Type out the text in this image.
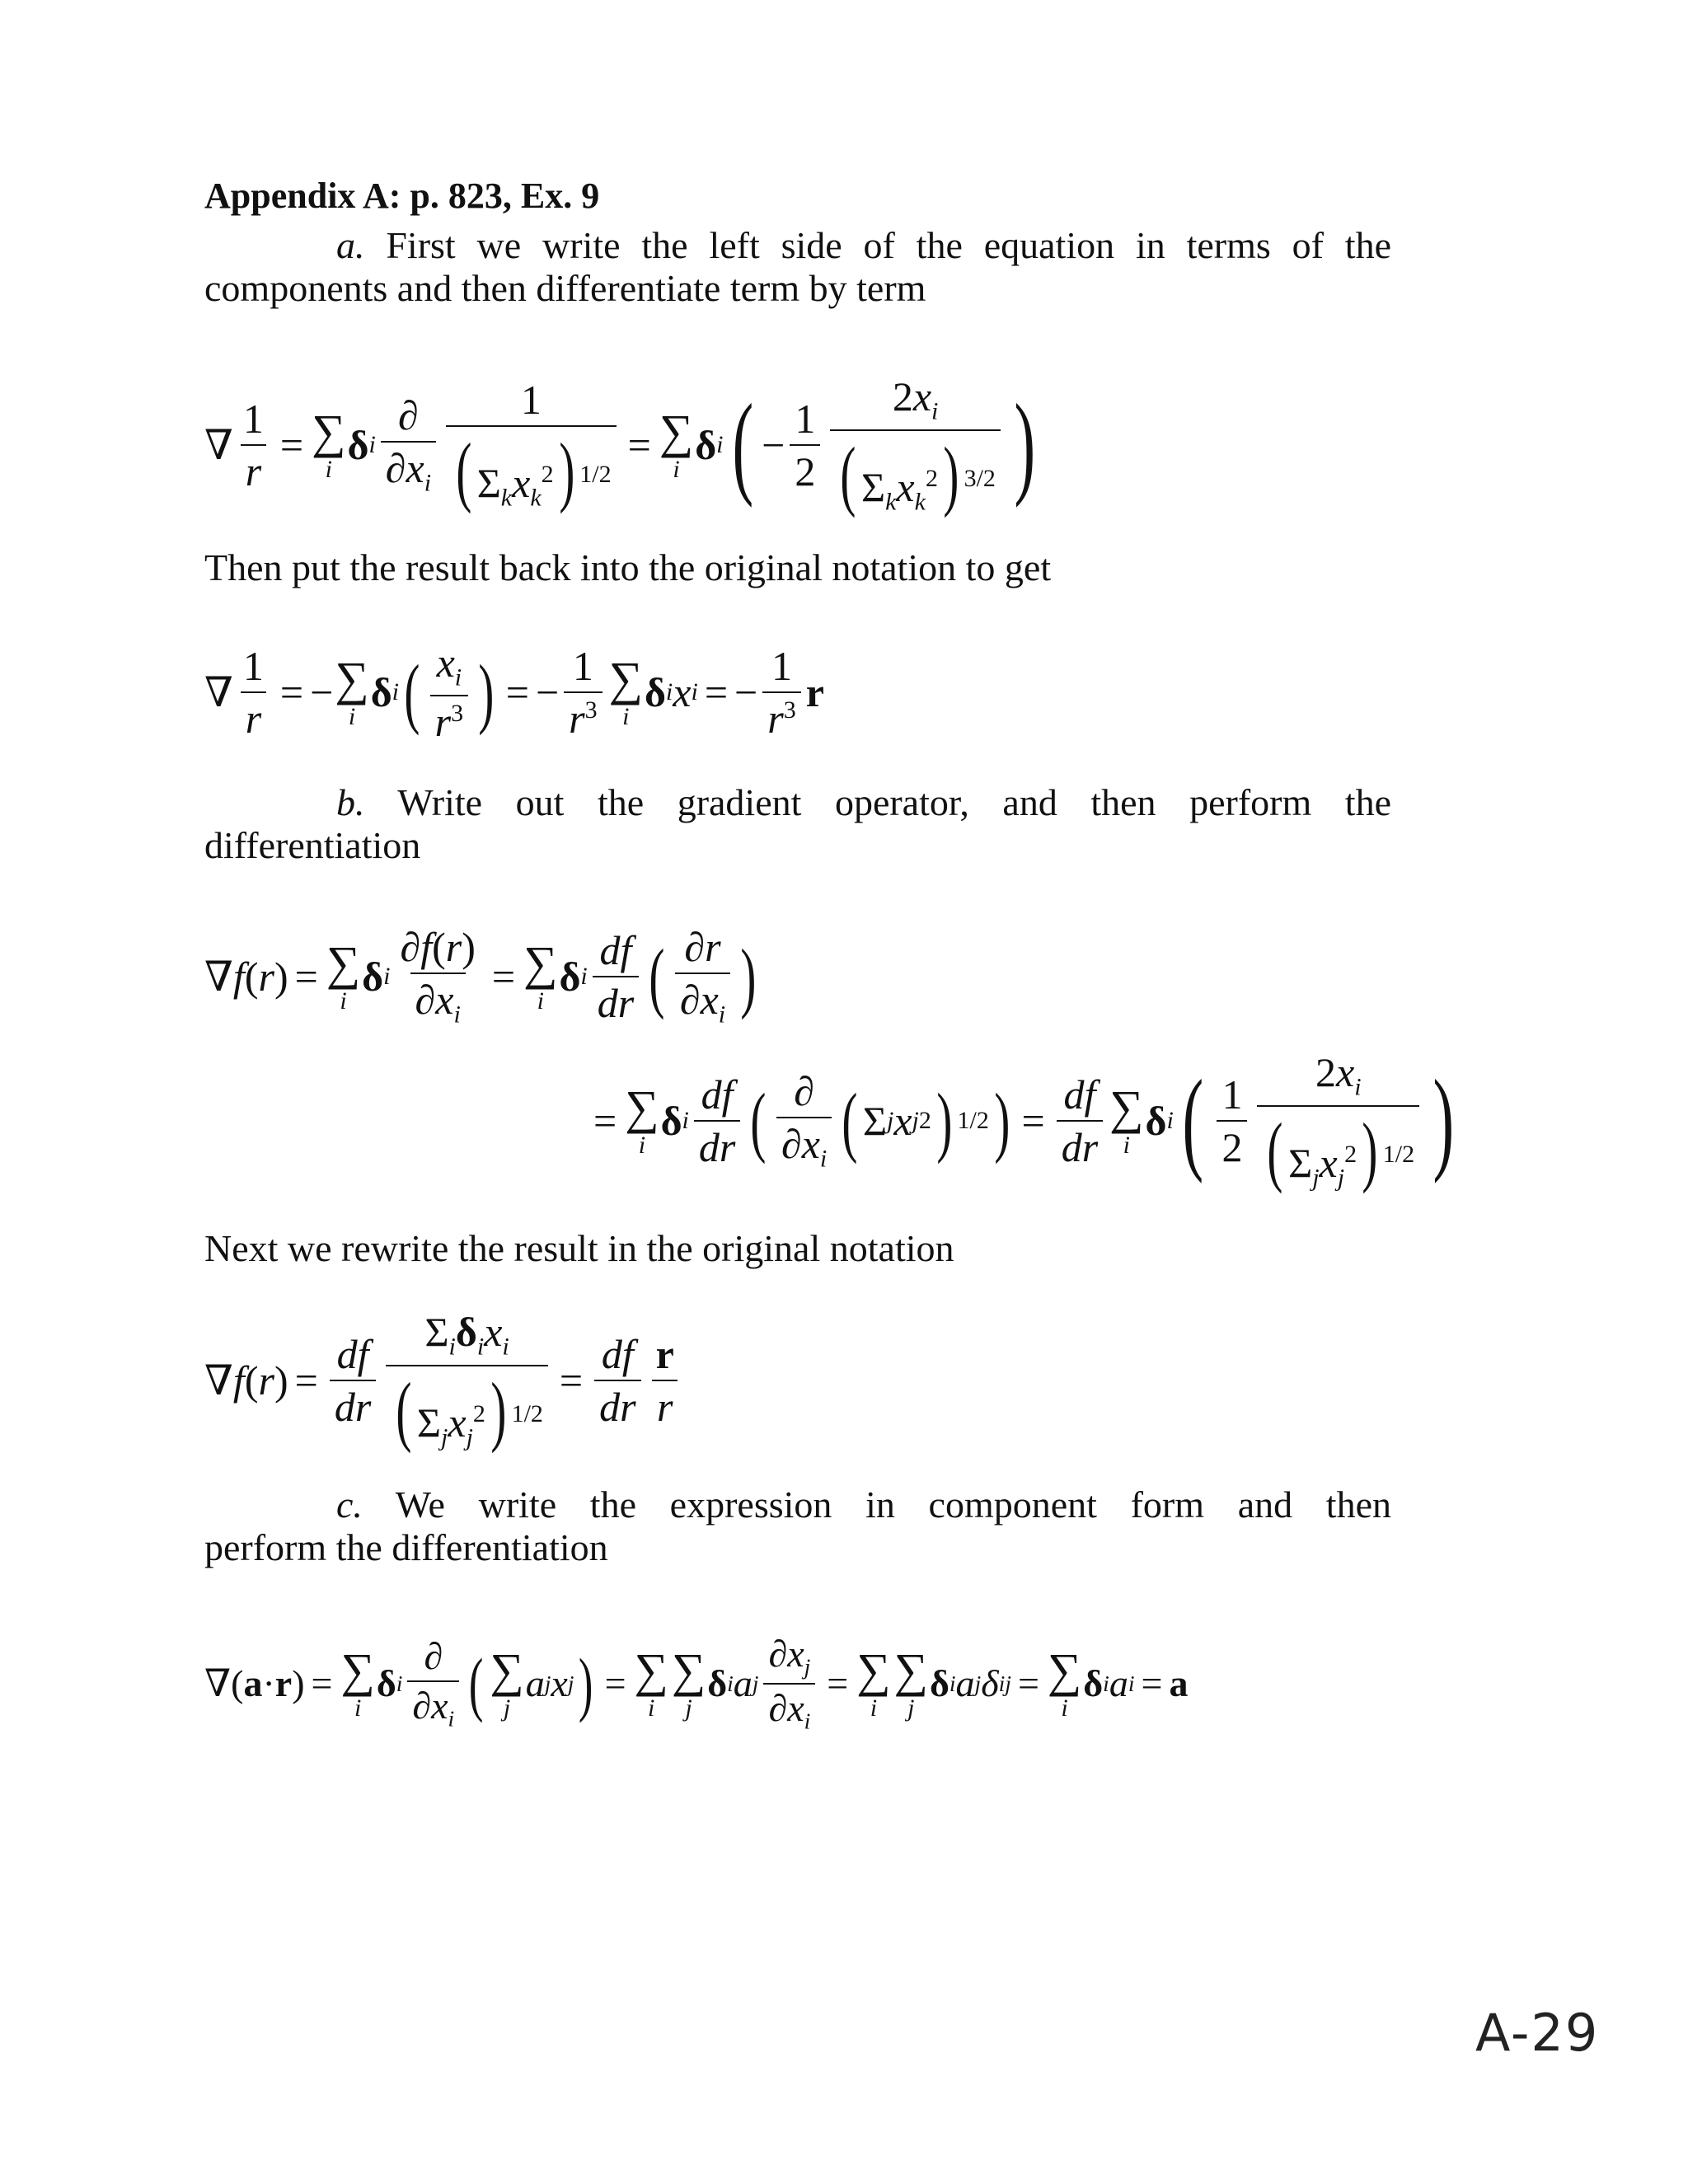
Appendix A: p. 823, Ex. 9
a. First we write the left side of the equation in terms of the
components and then differentiate term by term
∇ $\frac{1}{r}$ = ∑
i
δ i $\frac{\partial}{\partial x_i} \frac{1}{( \Sigma_kx_k^2) ^{1/2}}$ = ∑
i
δ i ( − $\frac{1}{2} \frac{2x_i}{( \Sigma_kx_k^2) ^{3/2}}$ )
Then put the result back into the original notation to get
∇ $\frac{1}{r}$ = − ∑
i
δ i ( $\frac{x_i}{r^3}$ ) = − $\frac{1}{r^3}$ ∑
i
δ i x i = − $\frac{1}{r^3}$ r
b. Write out the gradient operator, and then perform the
differentiation
∇f(r) = ∑
i
δ i $\frac{\partial f(r)}{\partial x_i}$ = ∑
i
δ i $\frac{df}{dr}$ ( $\frac{\partial r}{\partial x_i}$ )
= ∑
i
δ i $\frac{df}{dr}$ ( $\frac{\partial}{\partial x_i}$ ( Σ j x j 2 ) 1/2 ) = $\frac{df}{dr}$ ∑
i
δ i ( $\frac{1}{2} \frac{2x_i}{( \Sigma_jx_j^2) ^{1/2}}$ )
Next we rewrite the result in the original notation
$\nabla f(r) = \frac{df}{dr} \frac{\Sigma_i\delta_ix_i}{( \Sigma_jx_j^2) ^{1/2}} = \frac{df}{dr} \frac{r}{r}$
c. We write the expression in component form and then
perform the differentiation
∇(a·r) = ∑
i
δ i $\frac{\partial}{\partial x_i}$ ( ∑
j
a j x j ) = ∑
i
∑
j
δ i a j $\frac{\partial x_j}{\partial x_i}$ = ∑
i
∑
j
δ i a j δ ij = ∑
i
δ i a i = a
A-29
